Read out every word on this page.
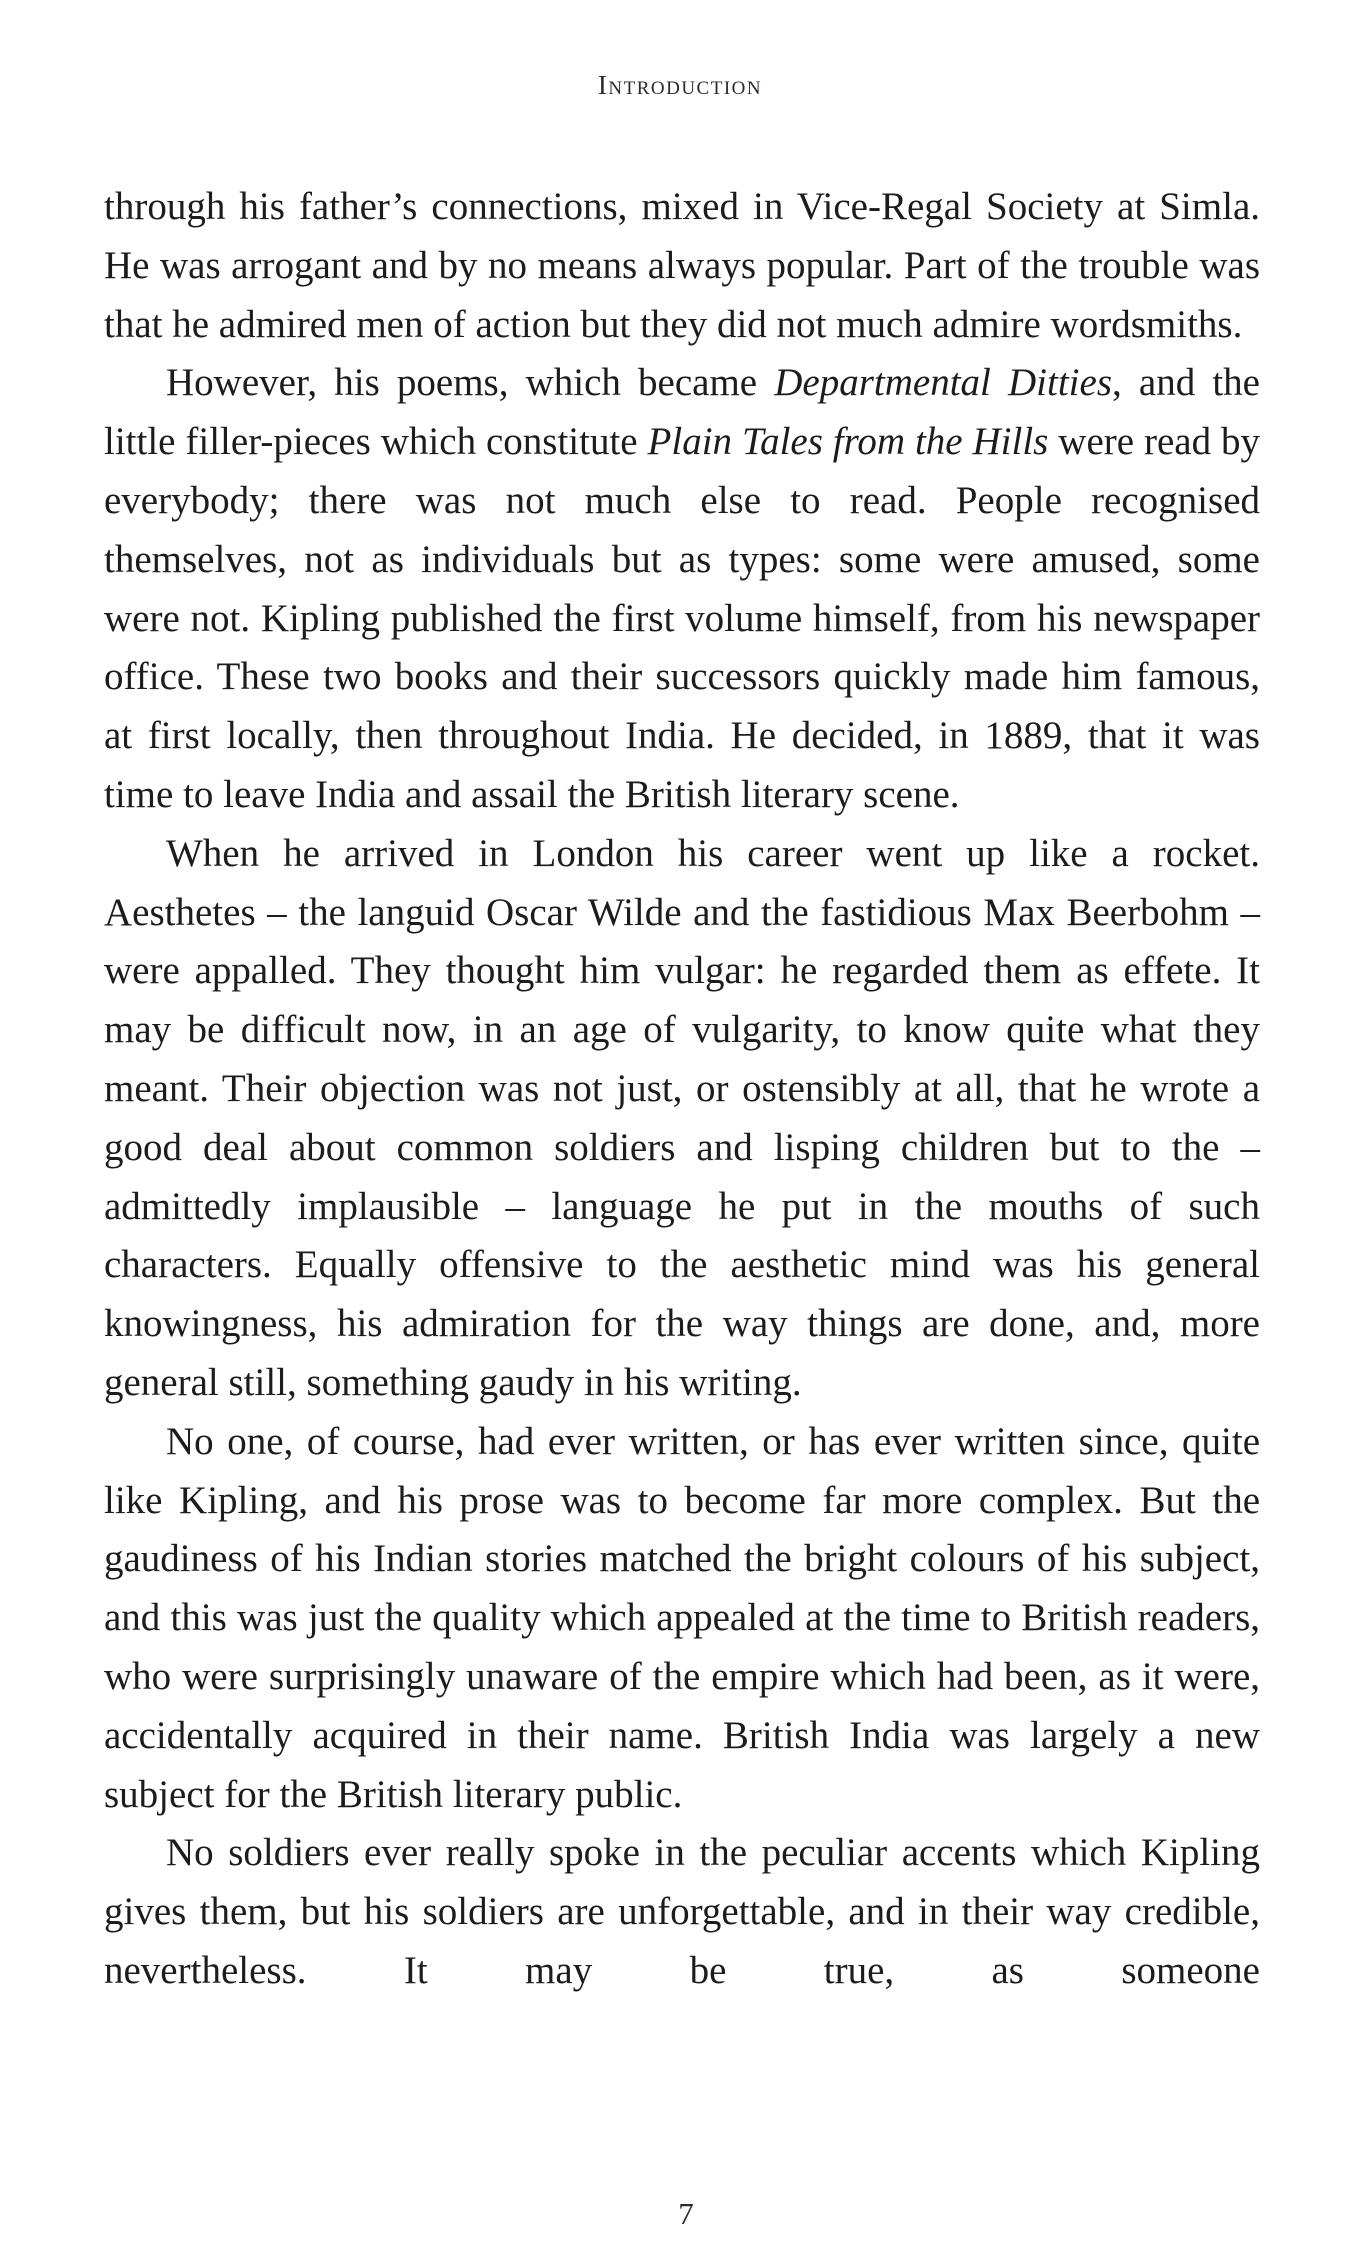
Introduction

through his father’s connections, mixed in Vice-Regal Society at Simla. He was arrogant and by no means always popular. Part of the trouble was that he admired men of action but they did not much admire wordsmiths.

However, his poems, which became Departmental Ditties, and the little filler-pieces which constitute Plain Tales from the Hills were read by everybody; there was not much else to read. People recognised themselves, not as individuals but as types: some were amused, some were not. Kipling published the first volume himself, from his newspaper office. These two books and their successors quickly made him famous, at first locally, then throughout India. He decided, in 1889, that it was time to leave India and assail the British literary scene.

When he arrived in London his career went up like a rocket. Aesthetes – the languid Oscar Wilde and the fastidious Max Beerbohm – were appalled. They thought him vulgar: he regarded them as effete. It may be difficult now, in an age of vulgarity, to know quite what they meant. Their objection was not just, or ostensibly at all, that he wrote a good deal about common soldiers and lisping children but to the – admittedly implausible – language he put in the mouths of such characters. Equally offensive to the aesthetic mind was his general knowingness, his admiration for the way things are done, and, more general still, something gaudy in his writing.

No one, of course, had ever written, or has ever written since, quite like Kipling, and his prose was to become far more complex. But the gaudiness of his Indian stories matched the bright colours of his subject, and this was just the quality which appealed at the time to British readers, who were surprisingly unaware of the empire which had been, as it were, accidentally acquired in their name. British India was largely a new subject for the British literary public.

No soldiers ever really spoke in the peculiar accents which Kipling gives them, but his soldiers are unforgettable, and in their way credible, nevertheless. It may be true, as someone

7
